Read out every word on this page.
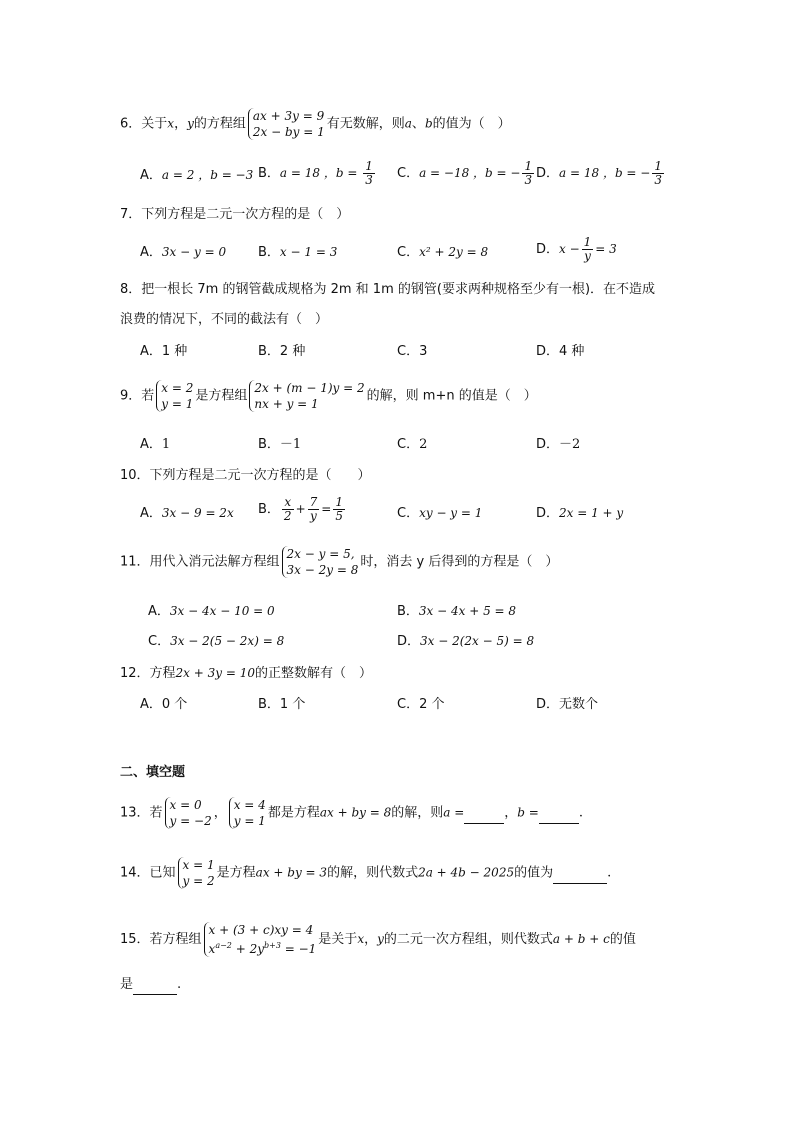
6．关于x，y的方程组
ax + 3y = 9
2x − by = 1
有无数解，则a、b的值为（　）
A．a = 2 ，b = −3 B．a = 18 ，$b = \frac{1}{3}$ C．a = −18 ，b = − $\frac{1}{3}$ D．a = 18 ，b = − $\frac{1}{3}$
7．下列方程是二元一次方程的是（　）
A．3x − y = 0 B．x − 1 = 3	C．x² + 2y = 8	D．$x - \frac{1}{y} = 3$
8．把一根长 7m 的钢管截成规格为 2m 和 1m 的钢管(要求两种规格至少有一根)．在不造成
浪费的情况下，不同的截法有（　）
A．1 种	B．2 种	C．3	D．4 种
9．若
x = 2
y = 1
是方程组
2x + (m − 1)y = 2
nx + y = 1
的解，则 m+n 的值是（　）
A．1	B．－1	C．2	D．－2
10．下列方程是二元一次方程的是（　　）
A．3x − 9 = 2x B． $\frac{x}{2} + \frac{7}{y} = \frac{1}{5}$	C．xy − y = 1	D．2x = 1 + y
11．用代入消元法解方程组
2x − y = 5,
3x − 2y = 8
时，消去 y 后得到的方程是（　）
A．3x − 4x − 10 = 0	B．3x − 4x + 5 = 8
C．3x − 2(5 − 2x) = 8	D．3x − 2(2x − 5) = 8
12．方程2x + 3y = 10的正整数解有（　）
A．0 个	B．1 个	C．2 个	D．无数个
二、填空题
13．若
x = 0
y = −2
，
x = 4
y = 1
都是方程ax + by = 8的解，则a =	，b =	.
14．已知
x = 1
y = 2
是方程ax + by = 3的解，则代数式2a + 4b − 2025的值为	.
15．若方程组
x + (3 + c)xy = 4
$x^{a-2} + 2y^{b+3} = -1$
是关于x，y的二元一次方程组，则代数式a + b + c的值
是	.
